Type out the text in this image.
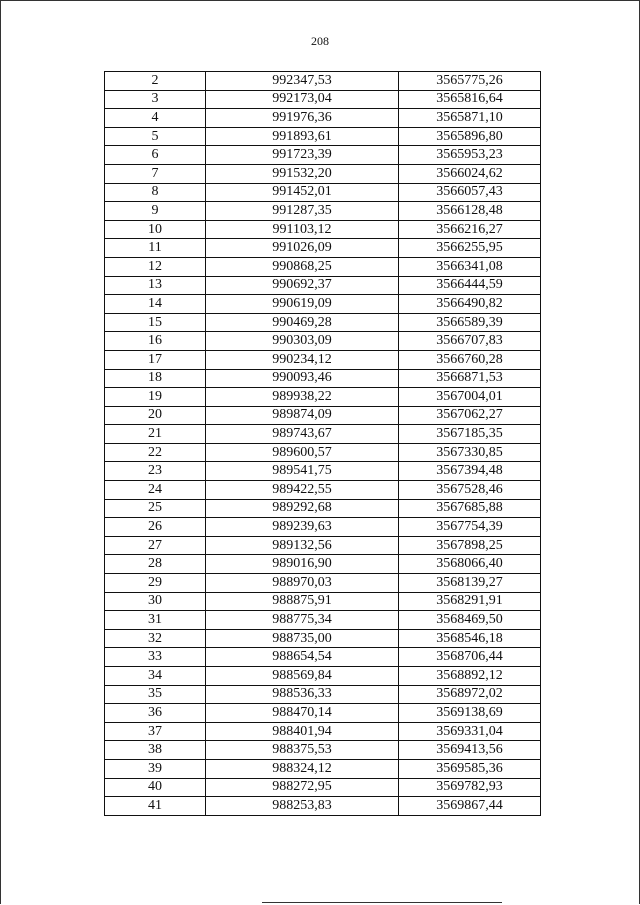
208
2	992347,53	3565775,26
3	992173,04	3565816,64
4	991976,36	3565871,10
5	991893,61	3565896,80
6	991723,39	3565953,23
7	991532,20	3566024,62
8	991452,01	3566057,43
9	991287,35	3566128,48
10	991103,12	3566216,27
11	991026,09	3566255,95
12	990868,25	3566341,08
13	990692,37	3566444,59
14	990619,09	3566490,82
15	990469,28	3566589,39
16	990303,09	3566707,83
17	990234,12	3566760,28
18	990093,46	3566871,53
19	989938,22	3567004,01
20	989874,09	3567062,27
21	989743,67	3567185,35
22	989600,57	3567330,85
23	989541,75	3567394,48
24	989422,55	3567528,46
25	989292,68	3567685,88
26	989239,63	3567754,39
27	989132,56	3567898,25
28	989016,90	3568066,40
29	988970,03	3568139,27
30	988875,91	3568291,91
31	988775,34	3568469,50
32	988735,00	3568546,18
33	988654,54	3568706,44
34	988569,84	3568892,12
35	988536,33	3568972,02
36	988470,14	3569138,69
37	988401,94	3569331,04
38	988375,53	3569413,56
39	988324,12	3569585,36
40	988272,95	3569782,93
41	988253,83	3569867,44
